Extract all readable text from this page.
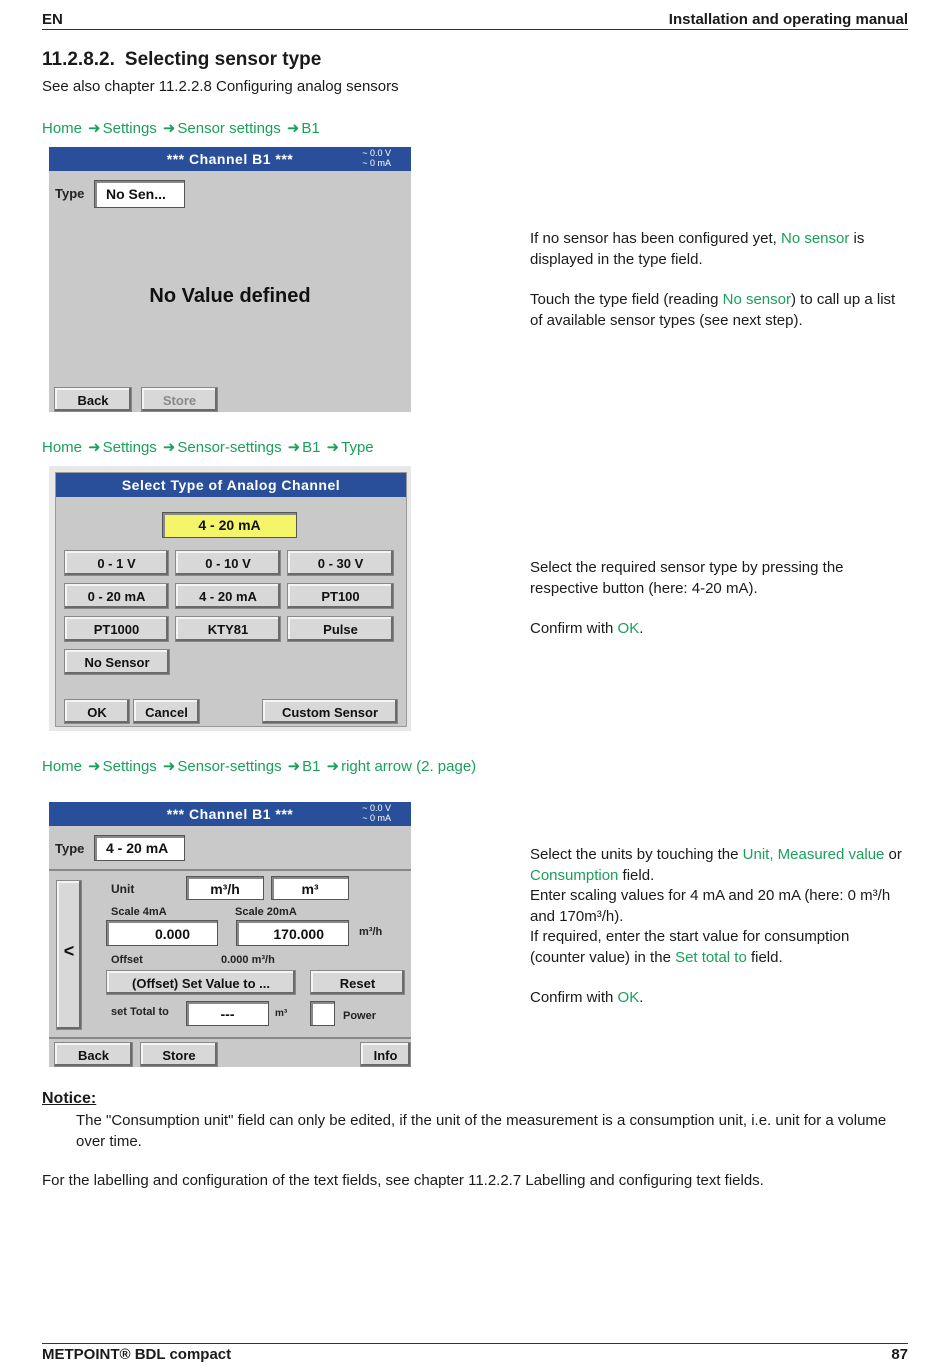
EN	Installation and operating manual
11.2.8.2. Selecting sensor type
See also chapter 11.2.2.8 Configuring analog sensors
Home ➜ Settings ➜ Sensor settings ➜ B1
*** Channel B1 ***	~ 0.0 V
~ 0 mA
Type	No Sen...
No Value defined
Back	Store

If no sensor has been configured yet, No sensor is displayed in the type field.

Touch the type field (reading No sensor) to call up a list of available sensor types (see next step).

Home ➜ Settings ➜ Sensor-settings ➜ B1 ➜ Type
Select Type of Analog Channel
4 - 20 mA
0 - 1 V	0 - 10 V	0 - 30 V
0 - 20 mA	4 - 20 mA	PT100
PT1000	KTY81	Pulse
No Sensor
OK	Cancel	Custom Sensor

Select the required sensor type by pressing the respective button (here: 4-20 mA).

Confirm with OK.

Home ➜ Settings ➜ Sensor-settings ➜ B1 ➜ right arrow (2. page)
*** Channel B1 ***	~ 0.0 V
~ 0 mA
Type	4 - 20 mA
<
Unit	m³/h	m³
Scale 4mA	Scale 20mA
0.000	170.000	m³/h
Offset	0.000 m³/h
(Offset) Set Value to ...	Reset
set Total to	---	m³	Power
Back	Store	Info

Select the units by touching the Unit, Measured value or Consumption field.

Enter scaling values for 4 mA and 20 mA (here: 0 m³/h and 170m³/h).

If required, enter the start value for consumption (counter value) in the Set total to field.

Confirm with OK.

Notice:
The "Consumption unit" field can only be edited, if the unit of the measurement is a consumption unit, i.e. unit for a volume over time.
For the labelling and configuration of the text fields, see chapter 11.2.2.7 Labelling and configuring text fields.
METPOINT® BDL compact	87
